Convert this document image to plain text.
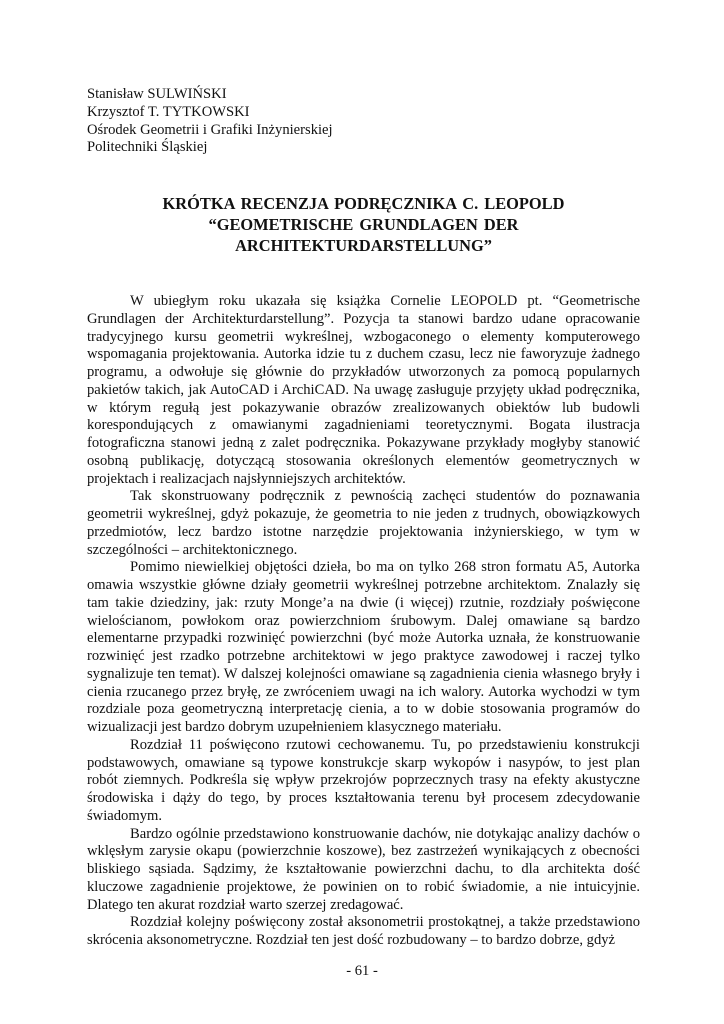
Stanisław SULWIŃSKI
Krzysztof T. TYTKOWSKI
Ośrodek Geometrii i Grafiki Inżynierskiej
Politechniki Śląskiej
KRÓTKA RECENZJA PODRĘCZNIKA C. LEOPOLD
“GEOMETRISCHE GRUNDLAGEN DER
ARCHITEKTURDARSTELLUNG”

W ubiegłym roku ukazała się książka Cornelie LEOPOLD pt. “Geometrische Grundlagen der Architekturdarstellung”. Pozycja ta stanowi bardzo udane opracowanie tradycyjnego kursu geometrii wykreślnej, wzbogaconego o elementy komputerowego wspomagania projektowania. Autorka idzie tu z duchem czasu, lecz nie faworyzuje żadnego programu, a odwołuje się głównie do przykładów utworzonych za pomocą popularnych pakietów takich, jak AutoCAD i ArchiCAD. Na uwagę zasługuje przyjęty układ podręcznika, w którym regułą jest pokazywanie obrazów zrealizowanych obiektów lub budowli korespondujących z omawianymi zagadnieniami teoretycznymi. Bogata ilustracja fotograficzna stanowi jedną z zalet podręcznika. Pokazywane przykłady mogłyby stanowić osobną publikację, dotyczącą stosowania określonych elementów geometrycznych w projektach i realizacjach najsłynniejszych architektów.

Tak skonstruowany podręcznik z pewnością zachęci studentów do poznawania geometrii wykreślnej, gdyż pokazuje, że geometria to nie jeden z trudnych, obowiązkowych przedmiotów, lecz bardzo istotne narzędzie projektowania inżynierskiego, w tym w szczególności – architektonicznego.

Pomimo niewielkiej objętości dzieła, bo ma on tylko 268 stron formatu A5, Autorka omawia wszystkie główne działy geometrii wykreślnej potrzebne architektom. Znalazły się tam takie dziedziny, jak: rzuty Monge’a na dwie (i więcej) rzutnie, rozdziały poświęcone wielościanom, powłokom oraz powierzchniom śrubowym. Dalej omawiane są bardzo elementarne przypadki rozwinięć powierzchni (być może Autorka uznała, że konstruowanie rozwinięć jest rzadko potrzebne architektowi w jego praktyce zawodowej i raczej tylko sygnalizuje ten temat). W dalszej kolejności omawiane są zagadnienia cienia własnego bryły i cienia rzucanego przez bryłę, ze zwróceniem uwagi na ich walory. Autorka wychodzi w tym rozdziale poza geometryczną interpretację cienia, a to w dobie stosowania programów do wizualizacji jest bardzo dobrym uzupełnieniem klasycznego materiału.

Rozdział 11 poświęcono rzutowi cechowanemu. Tu, po przedstawieniu konstrukcji podstawowych, omawiane są typowe konstrukcje skarp wykopów i nasypów, to jest plan robót ziemnych. Podkreśla się wpływ przekrojów poprzecznych trasy na efekty akustyczne środowiska i dąży do tego, by proces kształtowania terenu był procesem zdecydowanie świadomym.

Bardzo ogólnie przedstawiono konstruowanie dachów, nie dotykając analizy dachów o wklęsłym zarysie okapu (powierzchnie koszowe), bez zastrzeżeń wynikających z obecności bliskiego sąsiada. Sądzimy, że kształtowanie powierzchni dachu, to dla architekta dość kluczowe zagadnienie projektowe, że powinien on to robić świadomie, a nie intuicyjnie. Dlatego ten akurat rozdział warto szerzej zredagować.

Rozdział kolejny poświęcony został aksonometrii prostokątnej, a także przedstawiono skrócenia aksonometryczne. Rozdział ten jest dość rozbudowany – to bardzo dobrze, gdyż

- 61 -
